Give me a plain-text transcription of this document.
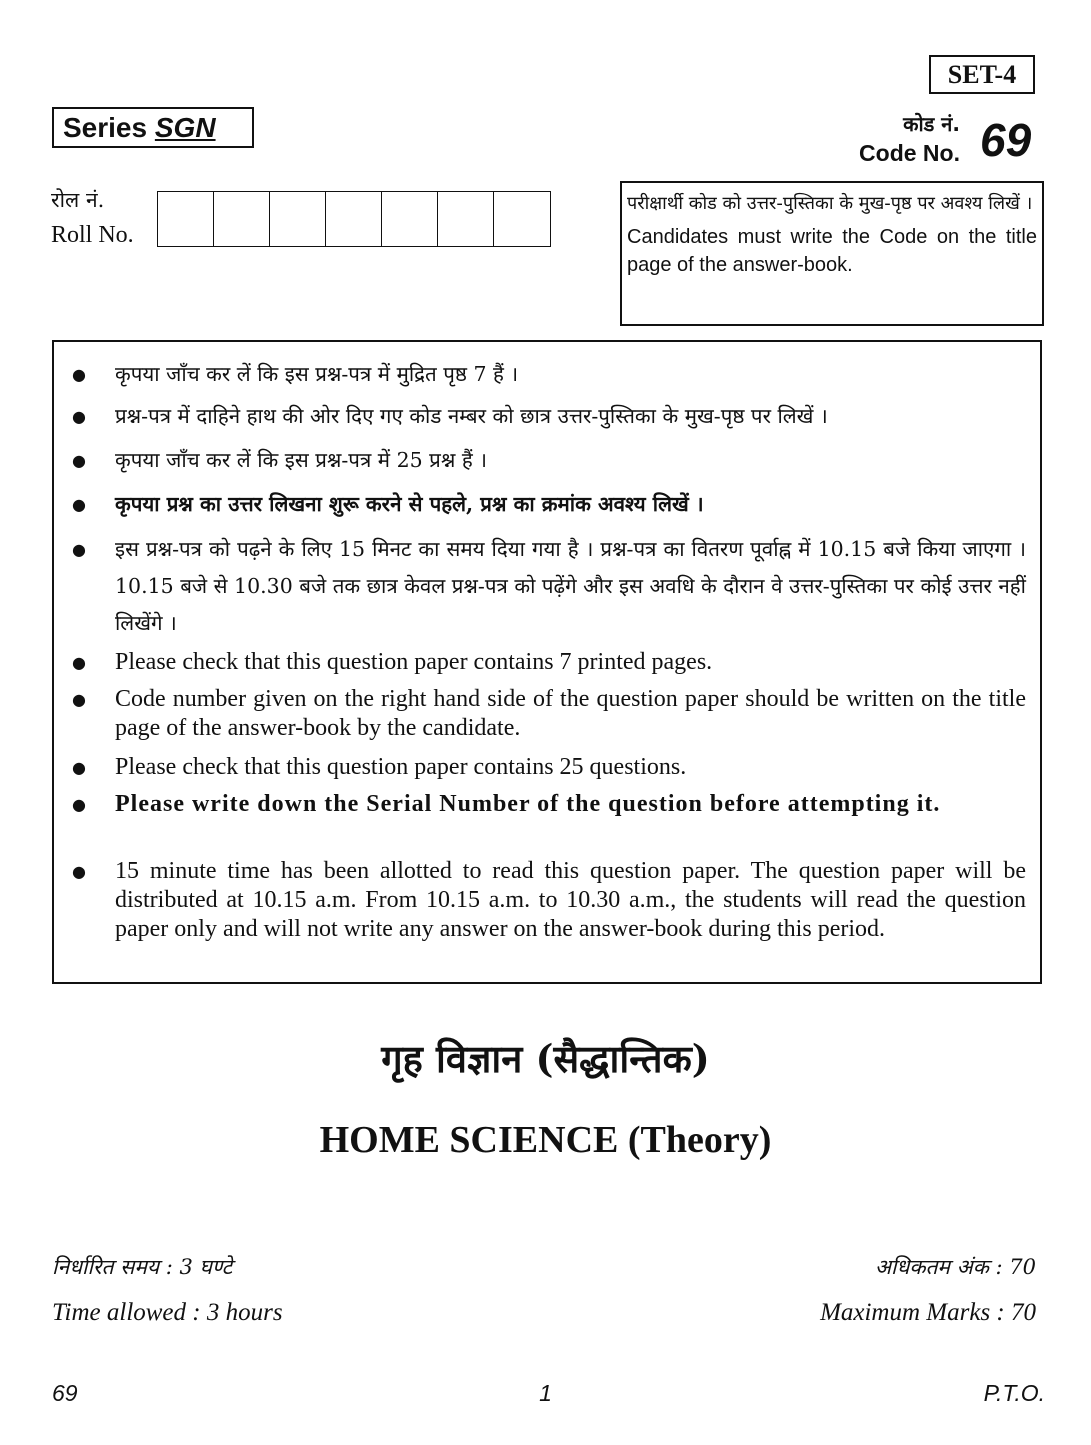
SET-4
Series SGN	कोड नं.
Code No. 69
रोल नं.
Roll No.
परीक्षार्थी कोड को उत्तर-पुस्तिका के मुख-पृष्ठ पर अवश्य लिखें ।
Candidates must write the Code on the title page of the answer-book.
● कृपया जाँच कर लें कि इस प्रश्न-पत्र में मुद्रित पृष्ठ 7 हैं ।
● प्रश्न-पत्र में दाहिने हाथ की ओर दिए गए कोड नम्बर को छात्र उत्तर-पुस्तिका के मुख-पृष्ठ पर लिखें ।
● कृपया जाँच कर लें कि इस प्रश्न-पत्र में 25 प्रश्न हैं ।
● कृपया प्रश्न का उत्तर लिखना शुरू करने से पहले, प्रश्न का क्रमांक अवश्य लिखें ।
● इस प्रश्न-पत्र को पढ़ने के लिए 15 मिनट का समय दिया गया है । प्रश्न-पत्र का वितरण पूर्वाह्न में 10.15 बजे किया जाएगा । 10.15 बजे से 10.30 बजे तक छात्र केवल प्रश्न-पत्र को पढ़ेंगे और इस अवधि के दौरान वे उत्तर-पुस्तिका पर कोई उत्तर नहीं लिखेंगे ।
● Please check that this question paper contains 7 printed pages.
● Code number given on the right hand side of the question paper should be written on the title page of the answer-book by the candidate.
● Please check that this question paper contains 25 questions.
● Please write down the Serial Number of the question before attempting it.
● 15 minute time has been allotted to read this question paper. The question paper will be distributed at 10.15 a.m. From 10.15 a.m. to 10.30 a.m., the students will read the question paper only and will not write any answer on the answer-book during this period.
गृह विज्ञान (सैद्धान्तिक)
HOME SCIENCE (Theory)
निर्धारित समय : 3 घण्टे
Time allowed : 3 hours
अधिकतम अंक : 70
Maximum Marks : 70
69	1	P.T.O.
